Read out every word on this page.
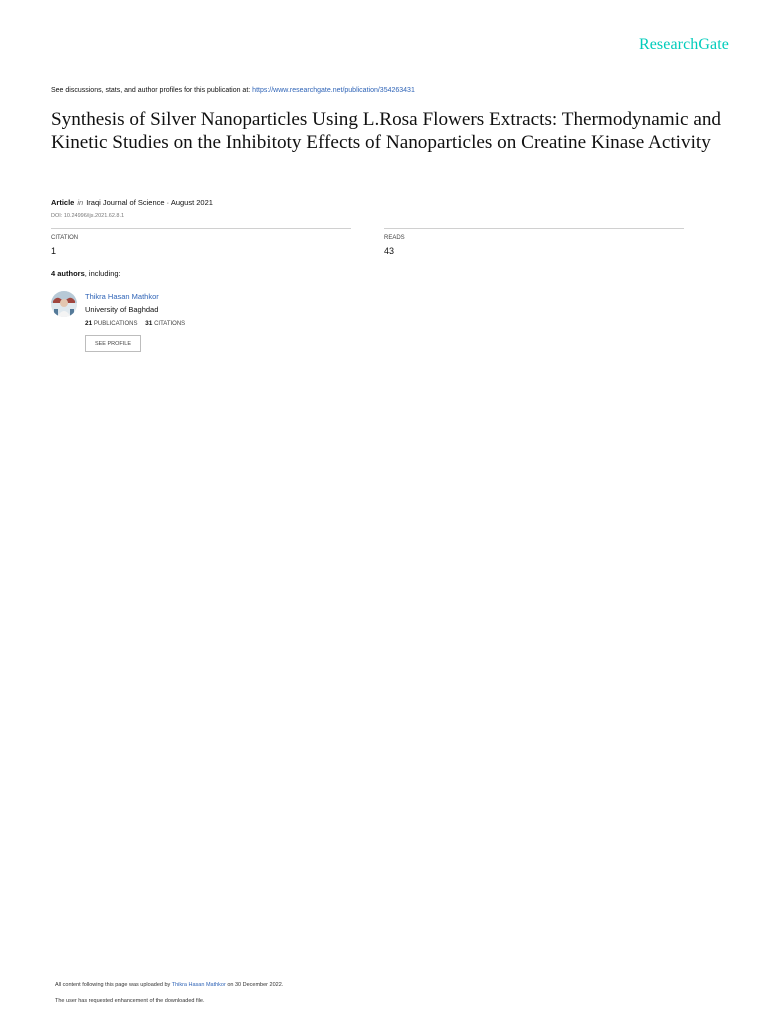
ResearchGate
See discussions, stats, and author profiles for this publication at: https://www.researchgate.net/publication/354263431
Synthesis of Silver Nanoparticles Using L.Rosa Flowers Extracts: Thermodynamic and Kinetic Studies on the Inhibitoty Effects of Nanoparticles on Creatine Kinase Activity
Article in Iraqi Journal of Science · August 2021
DOI: 10.24996/ijs.2021.62.8.1
CITATION
1
READS
43
4 authors, including:
Thikra Hasan Mathkor
University of Baghdad
21 PUBLICATIONS 31 CITATIONS
SEE PROFILE
All content following this page was uploaded by Thikra Hasan Mathkor on 30 December 2022.
The user has requested enhancement of the downloaded file.
